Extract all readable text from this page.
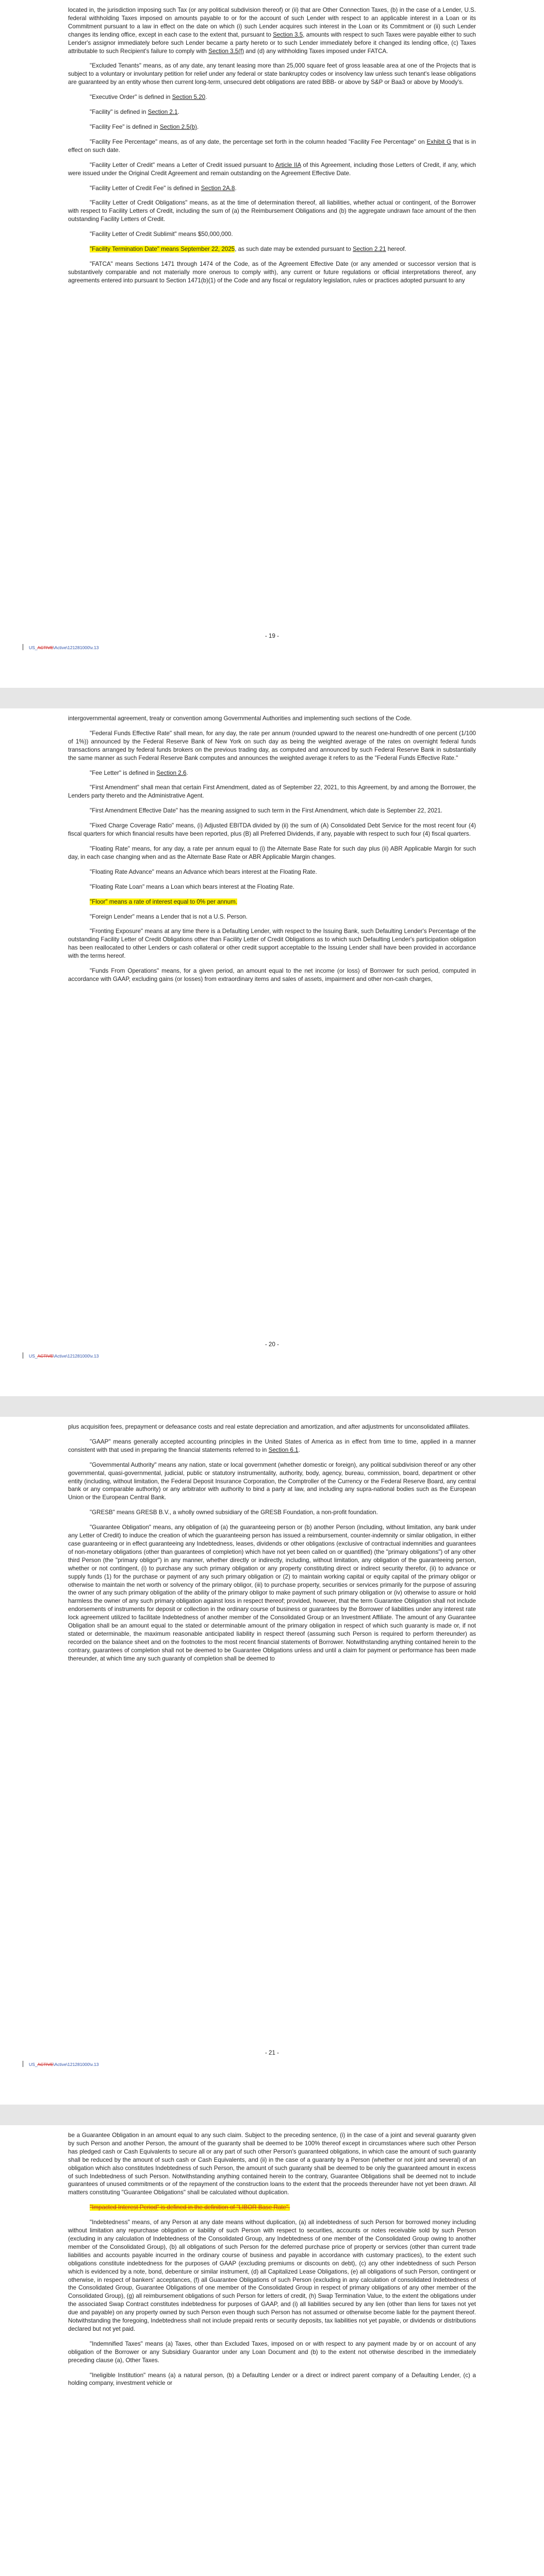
located in, the jurisdiction imposing such Tax (or any political subdivision thereof) or (ii) that are Other Connection Taxes, (b) in the case of a Lender, U.S. federal withholding Taxes imposed on amounts payable to or for the account of such Lender with respect to an applicable interest in a Loan or its Commitment pursuant to a law in effect on the date on which (i) such Lender acquires such interest in the Loan or its Commitment or (ii) such Lender changes its lending office, except in each case to the extent that, pursuant to Section 3.5, amounts with respect to such Taxes were payable either to such Lender's assignor immediately before such Lender became a party hereto or to such Lender immediately before it changed its lending office, (c) Taxes attributable to such Recipient's failure to comply with Section 3.5(f) and (d) any withholding Taxes imposed under FATCA.

"Excluded Tenants" means, as of any date, any tenant leasing more than 25,000 square feet of gross leasable area at one of the Projects that is subject to a voluntary or involuntary petition for relief under any federal or state bankruptcy codes or insolvency law unless such tenant's lease obligations are guaranteed by an entity whose then current long-term, unsecured debt obligations are rated BBB- or above by S&P or Baa3 or above by Moody's.

"Executive Order" is defined in Section 5.20.

"Facility" is defined in Section 2.1.

"Facility Fee" is defined in Section 2.5(b).

"Facility Fee Percentage" means, as of any date, the percentage set forth in the column headed "Facility Fee Percentage" on Exhibit G that is in effect on such date.

"Facility Letter of Credit" means a Letter of Credit issued pursuant to Article IIA of this Agreement, including those Letters of Credit, if any, which were issued under the Original Credit Agreement and remain outstanding on the Agreement Effective Date.

"Facility Letter of Credit Fee" is defined in Section 2A.8.

"Facility Letter of Credit Obligations" means, as at the time of determination thereof, all liabilities, whether actual or contingent, of the Borrower with respect to Facility Letters of Credit, including the sum of (a) the Reimbursement Obligations and (b) the aggregate undrawn face amount of the then outstanding Facility Letters of Credit.

"Facility Letter of Credit Sublimit" means $50,000,000.

"Facility Termination Date" means September 22, 2025, as such date may be extended pursuant to Section 2.21 hereof.

"FATCA" means Sections 1471 through 1474 of the Code, as of the Agreement Effective Date (or any amended or successor version that is substantively comparable and not materially more onerous to comply with), any current or future regulations or official interpretations thereof, any agreements entered into pursuant to Section 1471(b)(1) of the Code and any fiscal or regulatory legislation, rules or practices adopted pursuant to any

- 19 -
US_ACTIVE\Active\121281000\v.13

intergovernmental agreement, treaty or convention among Governmental Authorities and implementing such sections of the Code.

"Federal Funds Effective Rate" shall mean, for any day, the rate per annum (rounded upward to the nearest one-hundredth of one percent (1/100 of 1%)) announced by the Federal Reserve Bank of New York on such day as being the weighted average of the rates on overnight federal funds transactions arranged by federal funds brokers on the previous trading day, as computed and announced by such Federal Reserve Bank in substantially the same manner as such Federal Reserve Bank computes and announces the weighted average it refers to as the "Federal Funds Effective Rate."

"Fee Letter" is defined in Section 2.6.

"First Amendment" shall mean that certain First Amendment, dated as of September 22, 2021, to this Agreement, by and among the Borrower, the Lenders party thereto and the Administrative Agent.

"First Amendment Effective Date" has the meaning assigned to such term in the First Amendment, which date is September 22, 2021.

"Fixed Charge Coverage Ratio" means, (i) Adjusted EBITDA divided by (ii) the sum of (A) Consolidated Debt Service for the most recent four (4) fiscal quarters for which financial results have been reported, plus (B) all Preferred Dividends, if any, payable with respect to such four (4) fiscal quarters.

"Floating Rate" means, for any day, a rate per annum equal to (i) the Alternate Base Rate for such day plus (ii) ABR Applicable Margin for such day, in each case changing when and as the Alternate Base Rate or ABR Applicable Margin changes.

"Floating Rate Advance" means an Advance which bears interest at the Floating Rate.

"Floating Rate Loan" means a Loan which bears interest at the Floating Rate.

"Floor" means a rate of interest equal to 0% per annum.

"Foreign Lender" means a Lender that is not a U.S. Person.

"Fronting Exposure" means at any time there is a Defaulting Lender, with respect to the Issuing Bank, such Defaulting Lender's Percentage of the outstanding Facility Letter of Credit Obligations other than Facility Letter of Credit Obligations as to which such Defaulting Lender's participation obligation has been reallocated to other Lenders or cash collateral or other credit support acceptable to the Issuing Lender shall have been provided in accordance with the terms hereof.

"Funds From Operations" means, for a given period, an amount equal to the net income (or loss) of Borrower for such period, computed in accordance with GAAP, excluding gains (or losses) from extraordinary items and sales of assets, impairment and other non-cash charges,

- 20 -
US_ACTIVE\Active\121281000\v.13

plus acquisition fees, prepayment or defeasance costs and real estate depreciation and amortization, and after adjustments for unconsolidated affiliates.

"GAAP" means generally accepted accounting principles in the United States of America as in effect from time to time, applied in a manner consistent with that used in preparing the financial statements referred to in Section 6.1.

"Governmental Authority" means any nation, state or local government (whether domestic or foreign), any political subdivision thereof or any other governmental, quasi-governmental, judicial, public or statutory instrumentality, authority, body, agency, bureau, commission, board, department or other entity (including, without limitation, the Federal Deposit Insurance Corporation, the Comptroller of the Currency or the Federal Reserve Board, any central bank or any comparable authority) or any arbitrator with authority to bind a party at law, and including any supra-national bodies such as the European Union or the European Central Bank.

"GRESB" means GRESB B.V., a wholly owned subsidiary of the GRESB Foundation, a non-profit foundation.

"Guarantee Obligation" means, any obligation of (a) the guaranteeing person or (b) another Person (including, without limitation, any bank under any Letter of Credit) to induce the creation of which the guaranteeing person has issued a reimbursement, counter-indemnity or similar obligation, in either case guaranteeing or in effect guaranteeing any Indebtedness, leases, dividends or other obligations (exclusive of contractual indemnities and guarantees of non-monetary obligations (other than guarantees of completion) which have not yet been called on or quantified) (the "primary obligations") of any other third Person (the "primary obligor") in any manner, whether directly or indirectly, including, without limitation, any obligation of the guaranteeing person, whether or not contingent, (i) to purchase any such primary obligation or any property constituting direct or indirect security therefor, (ii) to advance or supply funds (1) for the purchase or payment of any such primary obligation or (2) to maintain working capital or equity capital of the primary obligor or otherwise to maintain the net worth or solvency of the primary obligor, (iii) to purchase property, securities or services primarily for the purpose of assuring the owner of any such primary obligation of the ability of the primary obligor to make payment of such primary obligation or (iv) otherwise to assure or hold harmless the owner of any such primary obligation against loss in respect thereof; provided, however, that the term Guarantee Obligation shall not include endorsements of instruments for deposit or collection in the ordinary course of business or guarantees by the Borrower of liabilities under any interest rate lock agreement utilized to facilitate Indebtedness of another member of the Consolidated Group or an Investment Affiliate. The amount of any Guarantee Obligation shall be an amount equal to the stated or determinable amount of the primary obligation in respect of which such guaranty is made or, if not stated or determinable, the maximum reasonable anticipated liability in respect thereof (assuming such Person is required to perform thereunder) as recorded on the balance sheet and on the footnotes to the most recent financial statements of Borrower. Notwithstanding anything contained herein to the contrary, guarantees of completion shall not be deemed to be Guarantee Obligations unless and until a claim for payment or performance has been made thereunder, at which time any such guaranty of completion shall be deemed to

- 21 -
US_ACTIVE\Active\121281000\v.13

be a Guarantee Obligation in an amount equal to any such claim. Subject to the preceding sentence, (i) in the case of a joint and several guaranty given by such Person and another Person, the amount of the guaranty shall be deemed to be 100% thereof except in circumstances where such other Person has pledged cash or Cash Equivalents to secure all or any part of such other Person's guaranteed obligations, in which case the amount of such guaranty shall be reduced by the amount of such cash or Cash Equivalents, and (ii) in the case of a guaranty by a Person (whether or not joint and several) of an obligation which also constitutes Indebtedness of such Person, the amount of such guaranty shall be deemed to be only the guaranteed amount in excess of such Indebtedness of such Person. Notwithstanding anything contained herein to the contrary, Guarantee Obligations shall be deemed not to include guarantees of unused commitments or of the repayment of the construction loans to the extent that the proceeds thereunder have not yet been drawn. All matters constituting "Guarantee Obligations" shall be calculated without duplication.

"Impacted Interest Period" is defined in the definition of "LIBOR Base Rate".

"Indebtedness" means, of any Person at any date means without duplication, (a) all indebtedness of such Person for borrowed money including without limitation any repurchase obligation or liability of such Person with respect to securities, accounts or notes receivable sold by such Person (excluding in any calculation of Indebtedness of the Consolidated Group, any Indebtedness of one member of the Consolidated Group owing to another member of the Consolidated Group), (b) all obligations of such Person for the deferred purchase price of property or services (other than current trade liabilities and accounts payable incurred in the ordinary course of business and payable in accordance with customary practices), to the extent such obligations constitute indebtedness for the purposes of GAAP (excluding premiums or discounts on debt), (c) any other indebtedness of such Person which is evidenced by a note, bond, debenture or similar instrument, (d) all Capitalized Lease Obligations, (e) all obligations of such Person, contingent or otherwise, in respect of bankers' acceptances, (f) all Guarantee Obligations of such Person (excluding in any calculation of consolidated Indebtedness of the Consolidated Group, Guarantee Obligations of one member of the Consolidated Group in respect of primary obligations of any other member of the Consolidated Group), (g) all reimbursement obligations of such Person for letters of credit, (h) Swap Termination Value, to the extent the obligations under the associated Swap Contract constitutes indebtedness for purposes of GAAP, and (i) all liabilities secured by any lien (other than liens for taxes not yet due and payable) on any property owned by such Person even though such Person has not assumed or otherwise become liable for the payment thereof. Notwithstanding the foregoing, Indebtedness shall not include prepaid rents or security deposits, tax liabilities not yet payable, or dividends or distributions declared but not yet paid.

"Indemnified Taxes" means (a) Taxes, other than Excluded Taxes, imposed on or with respect to any payment made by or on account of any obligation of the Borrower or any Subsidiary Guarantor under any Loan Document and (b) to the extent not otherwise described in the immediately preceding clause (a), Other Taxes.

"Ineligible Institution" means (a) a natural person, (b) a Defaulting Lender or a direct or indirect parent company of a Defaulting Lender, (c) a holding company, investment vehicle or
